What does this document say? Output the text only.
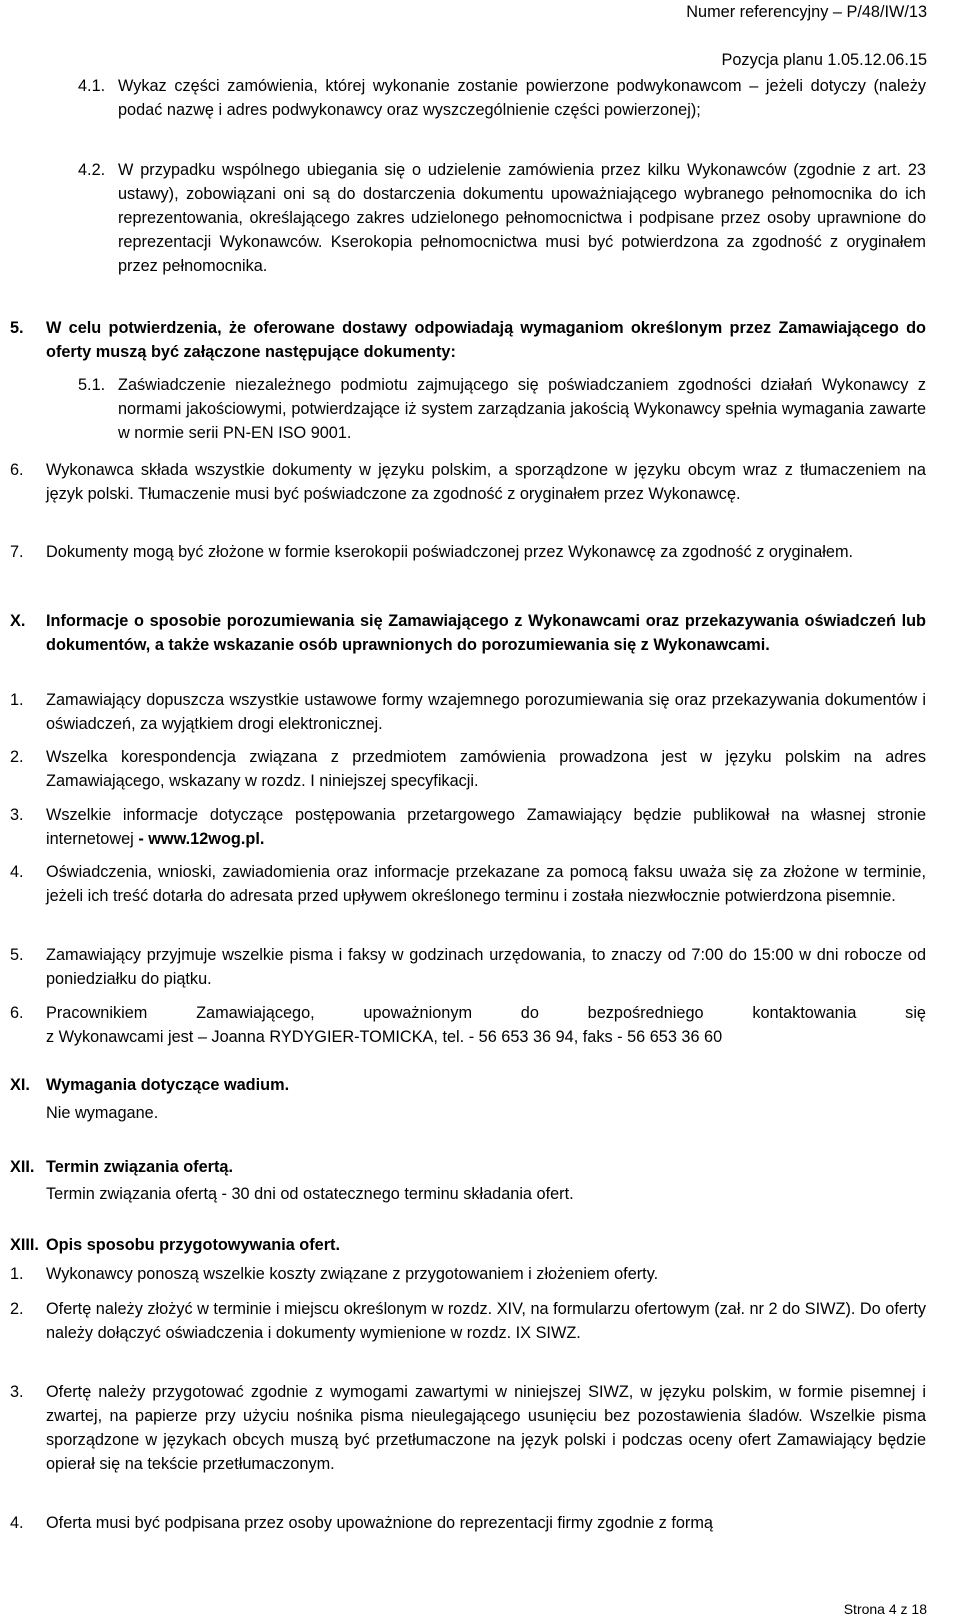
Numer referencyjny – P/48/IW/13
Pozycja planu 1.05.12.06.15
4.1. Wykaz części zamówienia, której wykonanie zostanie powierzone podwykonawcom – jeżeli dotyczy (należy podać nazwę i adres podwykonawcy oraz wyszczególnienie części powierzonej);
4.2. W przypadku wspólnego ubiegania się o udzielenie zamówienia przez kilku Wykonawców (zgodnie z art. 23 ustawy), zobowiązani oni są do dostarczenia dokumentu upoważniającego wybranego pełnomocnika do ich reprezentowania, określającego zakres udzielonego pełnomocnictwa i podpisane przez osoby uprawnione do reprezentacji Wykonawców. Kserokopia pełnomocnictwa musi być potwierdzona za zgodność z oryginałem przez pełnomocnika.
5. W celu potwierdzenia, że oferowane dostawy odpowiadają wymaganiom określonym przez Zamawiającego do oferty muszą być załączone następujące dokumenty:
5.1. Zaświadczenie niezależnego podmiotu zajmującego się poświadczaniem zgodności działań Wykonawcy z normami jakościowymi, potwierdzające iż system zarządzania jakością Wykonawcy spełnia wymagania zawarte w normie serii PN-EN ISO 9001.
6. Wykonawca składa wszystkie dokumenty w języku polskim, a sporządzone w języku obcym wraz z tłumaczeniem na język polski. Tłumaczenie musi być poświadczone za zgodność z oryginałem przez Wykonawcę.
7. Dokumenty mogą być złożone w formie kserokopii poświadczonej przez Wykonawcę za zgodność z oryginałem.
X. Informacje o sposobie porozumiewania się Zamawiającego z Wykonawcami oraz przekazywania oświadczeń lub dokumentów, a także wskazanie osób uprawnionych do porozumiewania się z Wykonawcami.
1. Zamawiający dopuszcza wszystkie ustawowe formy wzajemnego porozumiewania się oraz przekazywania dokumentów i oświadczeń, za wyjątkiem drogi elektronicznej.
2. Wszelka korespondencja związana z przedmiotem zamówienia prowadzona jest w języku polskim na adres Zamawiającego, wskazany w rozdz. I niniejszej specyfikacji.
3. Wszelkie informacje dotyczące postępowania przetargowego Zamawiający będzie publikował na własnej stronie internetowej - www.12wog.pl.
4. Oświadczenia, wnioski, zawiadomienia oraz informacje przekazane za pomocą faksu uważa się za złożone w terminie, jeżeli ich treść dotarła do adresata przed upływem określonego terminu i została niezwłocznie potwierdzona pisemnie.
5. Zamawiający przyjmuje wszelkie pisma i faksy w godzinach urzędowania, to znaczy od 7:00 do 15:00 w dni robocze od poniedziałku do piątku.
6. Pracownikiem Zamawiającego, upoważnionym do bezpośredniego kontaktowania się
z Wykonawcami jest – Joanna RYDYGIER-TOMICKA, tel. - 56 653 36 94, faks - 56 653 36 60
XI. Wymagania dotyczące wadium.
Nie wymagane.
XII. Termin związania ofertą.
Termin związania ofertą - 30 dni od ostatecznego terminu składania ofert.
XIII. Opis sposobu przygotowywania ofert.
1. Wykonawcy ponoszą wszelkie koszty związane z przygotowaniem i złożeniem oferty.
2. Ofertę należy złożyć w terminie i miejscu określonym w rozdz. XIV, na formularzu ofertowym (zał. nr 2 do SIWZ). Do oferty należy dołączyć oświadczenia i dokumenty wymienione w rozdz. IX SIWZ.
3. Ofertę należy przygotować zgodnie z wymogami zawartymi w niniejszej SIWZ, w języku polskim, w formie pisemnej i zwartej, na papierze przy użyciu nośnika pisma nieulegającego usunięciu bez pozostawienia śladów. Wszelkie pisma sporządzone w językach obcych muszą być przetłumaczone na język polski i podczas oceny ofert Zamawiający będzie opierał się na tekście przetłumaczonym.
4. Oferta musi być podpisana przez osoby upoważnione do reprezentacji firmy zgodnie z formą
Strona 4 z 18
